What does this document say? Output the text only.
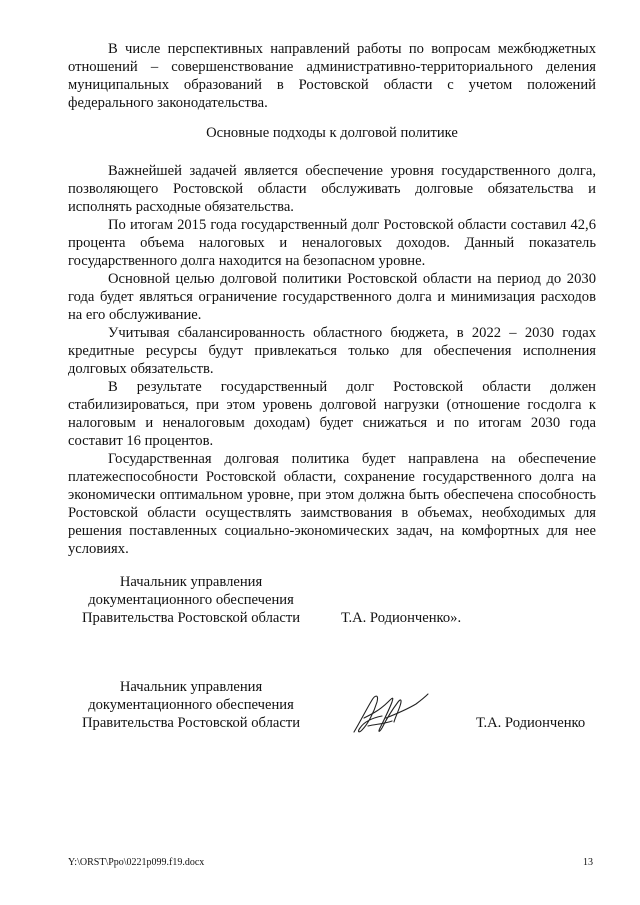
В числе перспективных направлений работы по вопросам межбюджетных отношений – совершенствование административно-территориального деления муниципальных образований в Ростовской области с учетом положений федерального законодательства.

Основные подходы к долговой политике

Важнейшей задачей является обеспечение уровня государственного долга, позволяющего Ростовской области обслуживать долговые обязательства и исполнять расходные обязательства.

По итогам 2015 года государственный долг Ростовской области составил 42,6 процента объема налоговых и неналоговых доходов. Данный показатель государственного долга находится на безопасном уровне.

Основной целью долговой политики Ростовской области на период до 2030 года будет являться ограничение государственного долга и минимизация расходов на его обслуживание.

Учитывая сбалансированность областного бюджета, в 2022 – 2030 годах кредитные ресурсы будут привлекаться только для обеспечения исполнения долговых обязательств.

В результате государственный долг Ростовской области должен стабилизироваться, при этом уровень долговой нагрузки (отношение госдолга к налоговым и неналоговым доходам) будет снижаться и по итогам 2030 года составит 16 процентов.

Государственная долговая политика будет направлена на обеспечение платежеспособности Ростовской области, сохранение государственного долга на экономически оптимальном уровне, при этом должна быть обеспечена способность Ростовской области осуществлять заимствования в объемах, необходимых для решения поставленных социально-экономических задач, на комфортных для нее условиях.

Начальник управления
документационного обеспечения
Правительства Ростовской области	Т.А. Родионченко».
Начальник управления
документационного обеспечения
Правительства Ростовской области	Т.А. Родионченко
Y:\ORST\Ppo\0221p099.f19.docx	13
